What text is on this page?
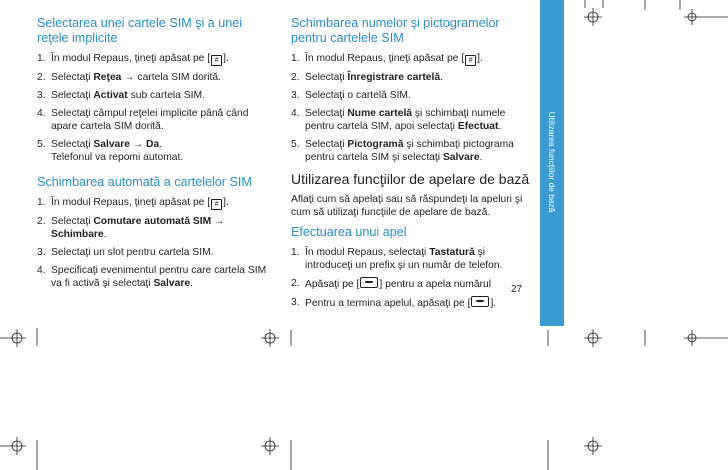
Utilizarea funcţiilor de bază
Selectarea unei cartele SIM şi a unei reţele implicite
1. În modul Repaus, ţineţi apăsat pe [ # ].
2. Selectaţi Reţea → cartela SIM dorită.
3. Selectaţi Activat sub cartela SIM.
4. Selectaţi câmpul reţelei implicite până când apare cartela SIM dorită.
5. Selectaţi Salvare → Da.
Telefonul va repomi automat.
Schimbarea automată a cartelelor SIM
1. În modul Repaus, ţineţi apăsat pe [ # ].
2. Selectaţi Comutare automată SIM → Schimbare.
3. Selectaţi un slot pentru cartela SIM.
4. Specificaţi evenimentul pentru care cartela SIM va fi activă şi selectaţi Salvare.
Schimbarea numelor şi pictogramelor pentru cartelele SIM
1. În modul Repaus, ţineţi apăsat pe [ # ].
2. Selectaţi Înregistrare cartelă.
3. Selectaţi o cartelă SIM.
4. Selectaţi Nume cartelă şi schimbaţi numele pentru cartela SIM, apoi selectaţi Efectuat.
5. Selectaţi Pictogramă şi schimbaţi pictograma pentru cartela SIM şi selectaţi Salvare.
Utilizarea funcţiilor de apelare de bază

Aflaţi cum să apelaţi sau să răspundeţi la apeluri şi cum să utilizaţi funcţiile de apelare de bază.

Efectuarea unui apel
1. În modul Repaus, selectaţi Tastatură şi introduceţi un prefix şi un număr de telefon.
2. Apăsaţi pe [ ] pentru a apela numărul
3. Pentru a termina apelul, apăsaţi pe [ ].
27
